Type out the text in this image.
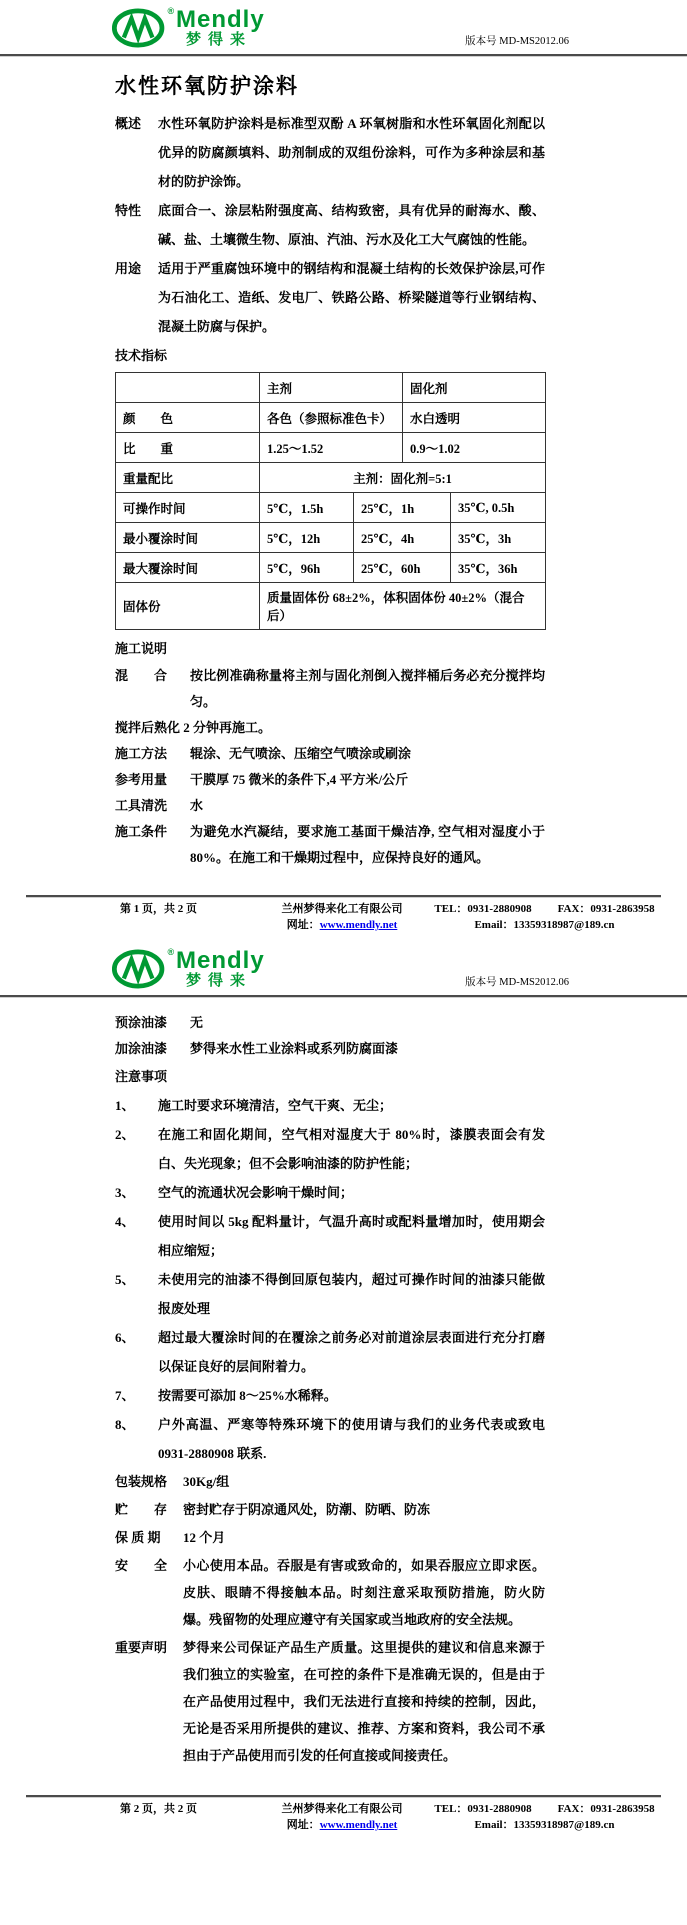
® Mendly
梦得来	版本号 MD-MS2012.06
水性环氧防护涂料
概述	水性环氧防护涂料是标准型双酚 A 环氧树脂和水性环氧固化剂配以优异的防腐颜填料、助剂制成的双组份涂料，可作为多种涂层和基材的防护涂饰。

特性	底面合一、涂层粘附强度高、结构致密，具有优异的耐海水、酸、碱、盐、土壤微生物、原油、汽油、污水及化工大气腐蚀的性能。

用途	适用于严重腐蚀环境中的钢结构和混凝土结构的长效保护涂层,可作为石油化工、造纸、发电厂、铁路公路、桥梁隧道等行业钢结构、混凝土防腐与保护。

技术指标
	主剂		固化剂	
颜　　色	各色（参照标准色卡）		水白透明	
比　　重	1.25～1.52		0.9～1.02	
重量配比	主剂：固化剂=5:1			
可操作时间	5℃，1.5h	25℃，1h		35℃, 0.5h
最小覆涂时间	5℃，12h	25℃，4h		35℃，3h
最大覆涂时间	5℃，96h	25℃，60h		35℃，36h
固体份	质量固体份 68±2%，体积固体份 40±2%（混合后）			
施工说明
混　　合	按比例准确称量将主剂与固化剂倒入搅拌桶后务必充分搅拌均匀。

搅拌后熟化 2 分钟再施工。
施工方法	辊涂、无气喷涂、压缩空气喷涂或刷涂

参考用量	干膜厚 75 微米的条件下,4 平方米/公斤

工具清洗	水

施工条件	为避免水汽凝结，要求施工基面干燥洁净, 空气相对湿度小于 80%。在施工和干燥期过程中，应保持良好的通风。

第 1 页，共 2 页	兰州梦得来化工有限公司
网址：www.mendly.net
TEL：0931-2880908 FAX：0931-2863958
Email：13359318987@189.cn
® Mendly
梦得来	版本号 MD-MS2012.06
预涂油漆	无

加涂油漆	梦得来水性工业涂料或系列防腐面漆

注意事项
1、	施工时要求环境清洁，空气干爽、无尘；

2、	在施工和固化期间，空气相对湿度大于 80%时，漆膜表面会有发白、失光现象；但不会影响油漆的防护性能；

3、	空气的流通状况会影响干燥时间；

4、	使用时间以 5kg 配料量计，气温升高时或配料量增加时，使用期会相应缩短；

5、	未使用完的油漆不得倒回原包装内，超过可操作时间的油漆只能做报废处理

6、	超过最大覆涂时间的在覆涂之前务必对前道涂层表面进行充分打磨以保证良好的层间附着力。

7、	按需要可添加 8～25%水稀释。

8、	户外高温、严寒等特殊环境下的使用请与我们的业务代表或致电 0931-2880908 联系.

包装规格	30Kg/组

贮　　存	密封贮存于阴凉通风处，防潮、防晒、防冻

保 质 期	12 个月

安　　全	小心使用本品。吞服是有害或致命的，如果吞服应立即求医。皮肤、眼睛不得接触本品。时刻注意采取预防措施，防火防爆。残留物的处理应遵守有关国家或当地政府的安全法规。

重要声明	梦得来公司保证产品生产质量。这里提供的建议和信息来源于我们独立的实验室，在可控的条件下是准确无误的，但是由于在产品使用过程中，我们无法进行直接和持续的控制，因此，无论是否采用所提供的建议、推荐、方案和资料，我公司不承担由于产品使用而引发的任何直接或间接责任。

第 2 页，共 2 页	兰州梦得来化工有限公司
网址：www.mendly.net
TEL：0931-2880908 FAX：0931-2863958
Email：13359318987@189.cn
